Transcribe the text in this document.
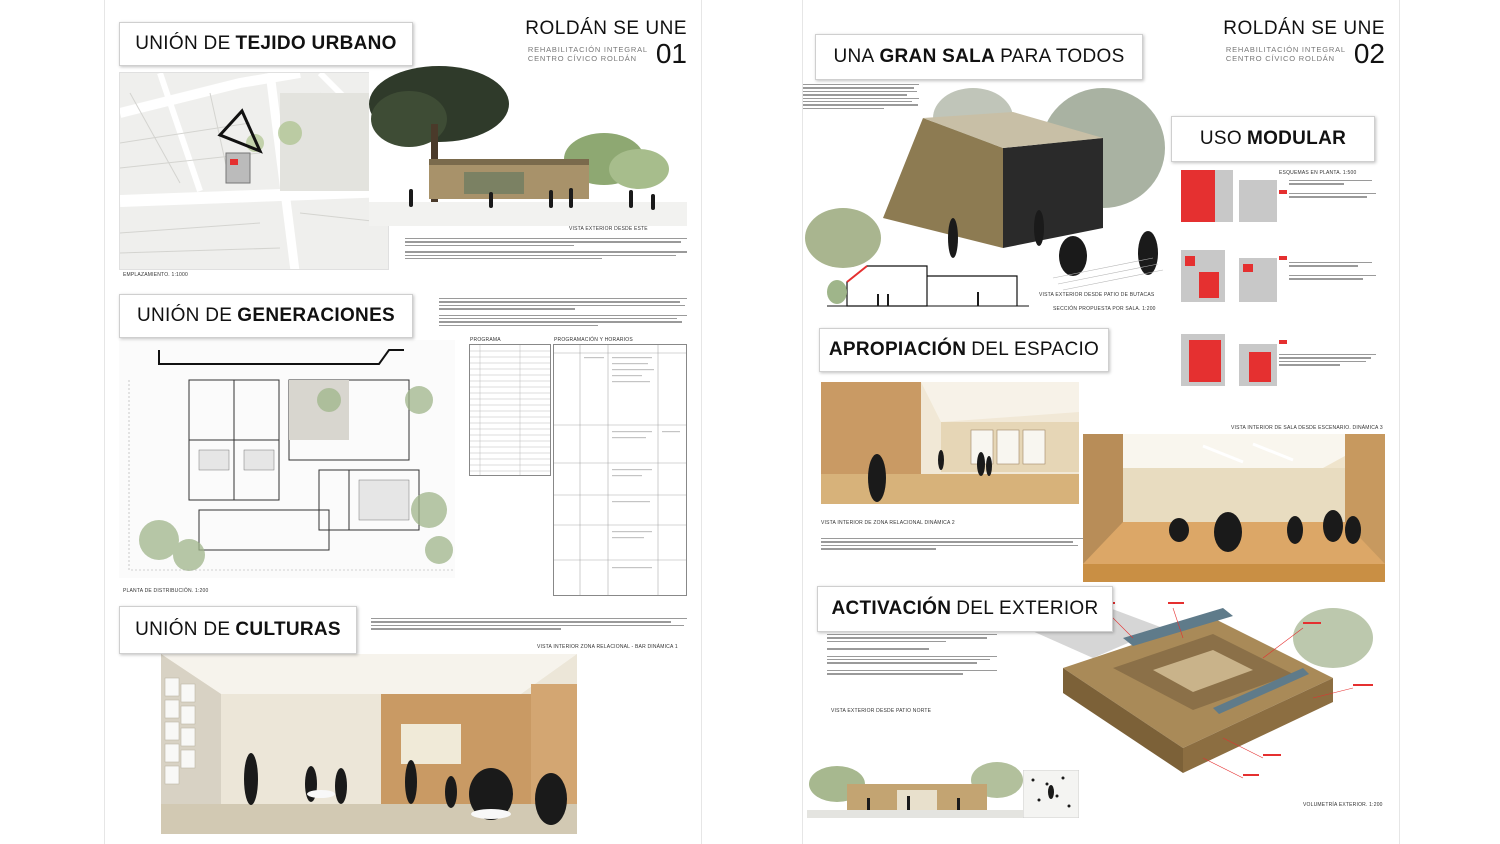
ROLDÁN SE UNE
REHABILITACIÓN INTEGRAL
CENTRO CÍVICO ROLDÁN 01
UNIÓN DE TEJIDO URBANO
EMPLAZAMIENTO. 1:1000
VISTA EXTERIOR DESDE ESTE
UNIÓN DE GENERACIONES
PLANTA DE DISTRIBUCIÓN. 1:200
PROGRAMA	PROGRAMACIÓN Y HORARIOS
UNIÓN DE CULTURAS
VISTA INTERIOR ZONA RELACIONAL - BAR DINÁMICA 1
ROLDÁN SE UNE
REHABILITACIÓN INTEGRAL
CENTRO CÍVICO ROLDÁN 02
UNA GRAN SALA PARA TODOS
VISTA EXTERIOR DESDE PATIO DE BUTACAS
SECCIÓN PROPUESTA POR SALA. 1:200
USO MODULAR
ESQUEMAS EN PLANTA. 1:500
APROPIACIÓN DEL ESPACIO
VISTA INTERIOR DE ZONA RELACIONAL DINÁMICA 2
VISTA INTERIOR DE SALA DESDE ESCENARIO. DINÁMICA 3
ACTIVACIÓN DEL EXTERIOR
VISTA EXTERIOR DESDE PATIO NORTE
VOLUMETRÍA EXTERIOR. 1:200
